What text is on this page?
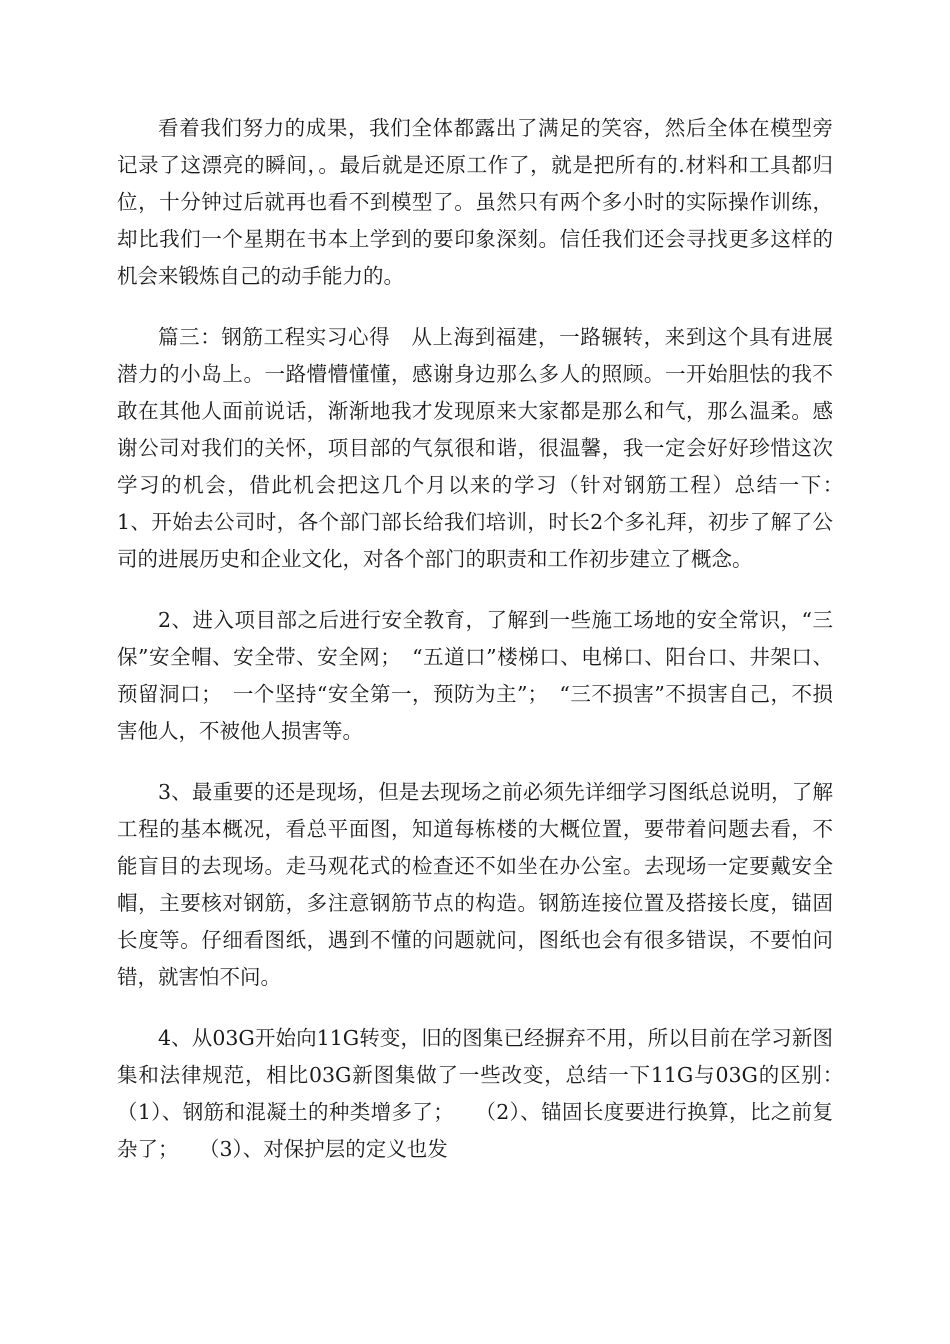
看着我们努力的成果，我们全体都露出了满足的笑容，然后全体在模型旁记录了这漂亮的瞬间，。最后就是还原工作了，就是把所有的.材料和工具都归位，十分钟过后就再也看不到模型了。虽然只有两个多小时的实际操作训练，却比我们一个星期在书本上学到的要印象深刻。信任我们还会寻找更多这样的机会来锻炼自己的动手能力的。

篇三：钢筋工程实习心得　从上海到福建，一路辗转，来到这个具有进展潜力的小岛上。一路懵懵懂懂，感谢身边那么多人的照顾。一开始胆怯的我不敢在其他人面前说话，渐渐地我才发现原来大家都是那么和气，那么温柔。感谢公司对我们的关怀，项目部的气氛很和谐，很温馨，我一定会好好珍惜这次学习的机会，借此机会把这几个月以来的学习（针对钢筋工程）总结一下：　　1、开始去公司时，各个部门部长给我们培训，时长2个多礼拜，初步了解了公司的进展历史和企业文化，对各个部门的职责和工作初步建立了概念。

2、进入项目部之后进行安全教育，了解到一些施工场地的安全常识，“三保”安全帽、安全带、安全网；　“五道口”楼梯口、电梯口、阳台口、井架口、预留洞口；　一个坚持“安全第一，预防为主”；　“三不损害”不损害自己，不损害他人，不被他人损害等。

3、最重要的还是现场，但是去现场之前必须先详细学习图纸总说明，了解工程的基本概况，看总平面图，知道每栋楼的大概位置，要带着问题去看，不能盲目的去现场。走马观花式的检查还不如坐在办公室。去现场一定要戴安全帽，主要核对钢筋，多注意钢筋节点的构造。钢筋连接位置及搭接长度，锚固长度等。仔细看图纸，遇到不懂的问题就问，图纸也会有很多错误，不要怕问错，就害怕不问。

4、从03G开始向11G转变，旧的图集已经摒弃不用，所以目前在学习新图集和法律规范，相比03G新图集做了一些改变，总结一下11G与03G的区别：　　（1）、钢筋和混凝土的种类增多了；　　（2）、锚固长度要进行换算，比之前复杂了；　　（3）、对保护层的定义也发
